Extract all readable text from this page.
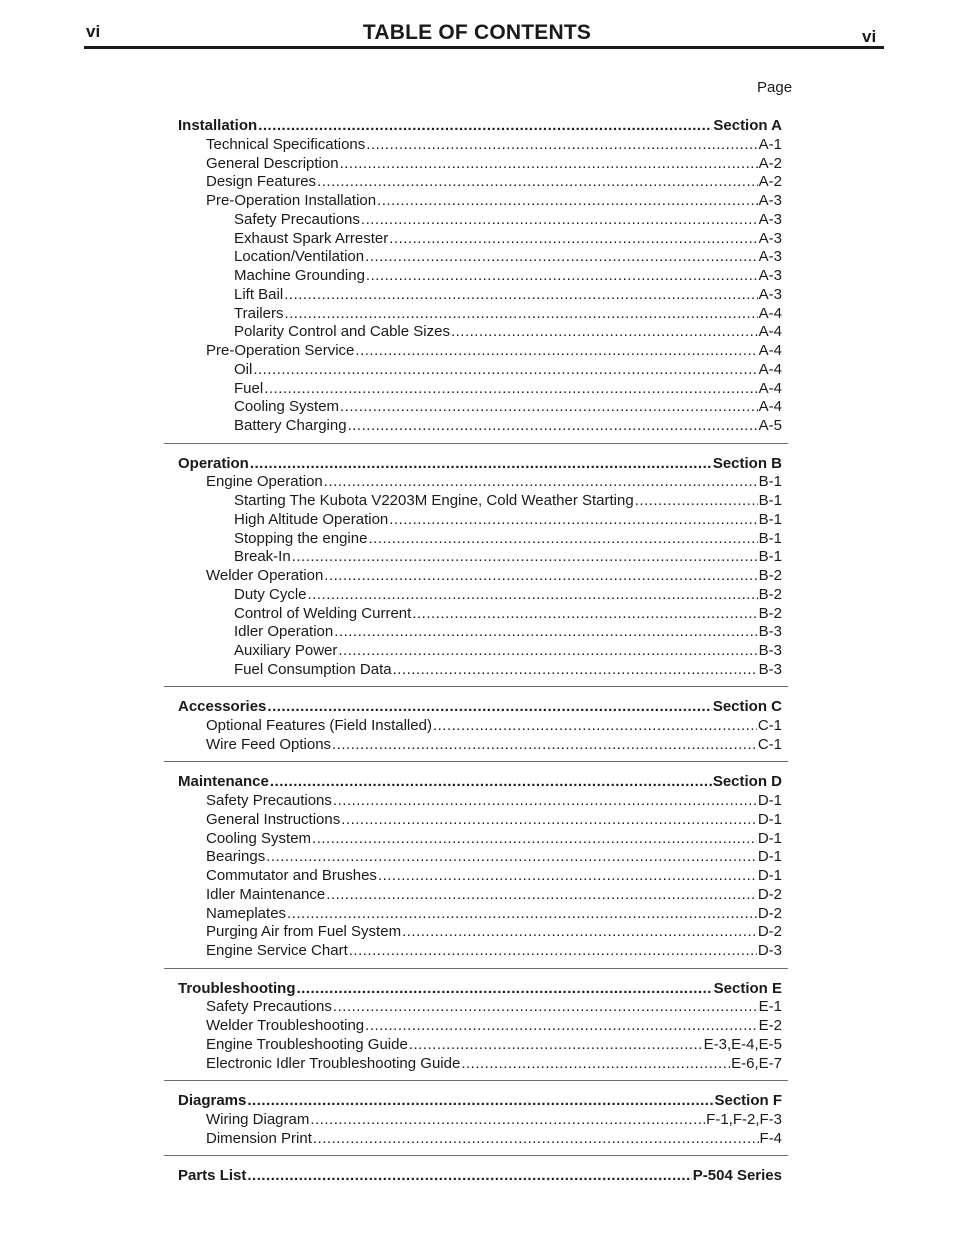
vi	TABLE OF CONTENTS	vi
Page
Installation .....	Section A
Technical Specifications .....	A-1
General Description .....	A-2
Design Features .....	A-2
Pre-Operation Installation .....	A-3
Safety Precautions .....	A-3
Exhaust Spark Arrester .....	A-3
Location/Ventilation .....	A-3
Machine Grounding .....	A-3
Lift Bail .....	A-3
Trailers .....	A-4
Polarity Control and Cable Sizes .....	A-4
Pre-Operation Service .....	A-4
Oil .....	A-4
Fuel .....	A-4
Cooling System .....	A-4
Battery Charging .....	A-5
Operation .....	Section B
Engine Operation .....	B-1
Starting The Kubota V2203M Engine, Cold Weather Starting .....	B-1
High Altitude Operation .....	B-1
Stopping the engine .....	B-1
Break-In .....	B-1
Welder Operation .....	B-2
Duty Cycle .....	B-2
Control of Welding Current .....	B-2
Idler Operation .....	B-3
Auxiliary Power .....	B-3
Fuel Consumption Data .....	B-3
Accessories .....	Section C
Optional Features (Field Installed) .....	C-1
Wire Feed Options .....	C-1
Maintenance .....	Section D
Safety Precautions .....	D-1
General Instructions .....	D-1
Cooling System .....	D-1
Bearings .....	D-1
Commutator and Brushes .....	D-1
Idler Maintenance .....	D-2
Nameplates .....	D-2
Purging Air from Fuel System .....	D-2
Engine Service Chart .....	D-3
Troubleshooting .....	Section E
Safety Precautions .....	E-1
Welder Troubleshooting .....	E-2
Engine Troubleshooting Guide .....	E-3,E-4,E-5
Electronic Idler Troubleshooting Guide .....	E-6,E-7
Diagrams .....	Section F
Wiring Diagram .....	F-1,F-2,F-3
Dimension Print .....	F-4
Parts List .....	P-504 Series
